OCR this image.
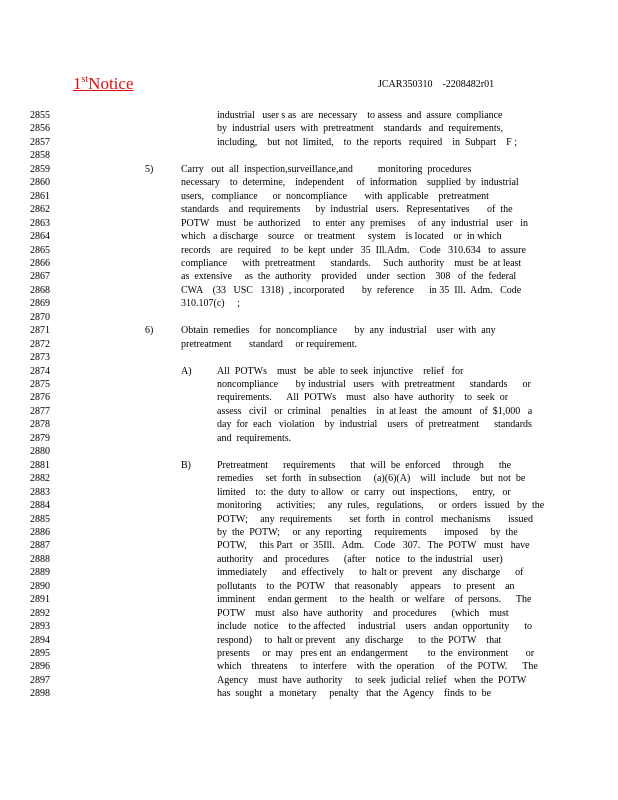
1stNotice	JCAR350310    -2208482r01
2855	industrial   user s as  are  necessary    to assess  and  assure  compliance
2856	by  industrial  users  with  pretreatment    standards   and  requirements,
2857	including,    but  not  limited,    to  the  reports   required    in  Subpart    F ;
2858
2859	5)	Carry   out  all  inspection,surveillance,and          monitoring  procedures
2860	necessary    to  determine,    independent     of  information    supplied  by  industrial
2861	users,   compliance      or  noncompliance       with  applicable    pretreatment
2862	standards    and  requirements      by  industrial   users.   Representatives       of  the
2863	POTW   must   be  authorized     to  enter  any  premises     of  any  industrial   user   in
2864	which   a discharge    source    or  treatment     system    is located    or  in which
2865	records    are  required    to  be  kept  under   35  Ill.Adm.    Code   310.634   to  assure
2866	compliance      with  pretreatment      standards.     Such  authority    must  be  at least
2867	as  extensive     as  the  authority    provided    under   section    308   of  the  federal
2868	CWA    (33   USC   1318)  , incorporated       by  reference      in 35  Ill.  Adm.   Code
2869	310.107(c)     ;
2870
2871	6)	Obtain  remedies    for  noncompliance       by  any  industrial    user  with  any
2872	pretreatment       standard     or requirement.
2873
2874	A)	All  POTWs    must   be  able  to seek  injunctive    relief   for
2875	noncompliance       by industrial   users   with  pretreatment      standards      or
2876	requirements.      All  POTWs    must   also  have  authority    to  seek  or
2877	assess   civil   or  criminal    penalties    in  at least   the  amount   of  $1,000   a
2878	day  for  each   violation    by  industrial    users   of  pretreatment      standards
2879	and  requirements.
2880
2881	B)	Pretreatment      requirements      that  will  be  enforced     through      the
2882	remedies     set  forth   in subsection     (a)(6)(A)    will  include    but  not  be
2883	limited    to:  the  duty  to allow   or  carry   out  inspections,      entry,   or
2884	monitoring      activities;     any  rules,   regulations,      or  orders   issued   by  the
2885	POTW;     any  requirements       set  forth   in  control   mechanisms       issued
2886	by  the  POTW;     or  any  reporting     requirements       imposed     by  the
2887	POTW,     this Part   or  35Ill.   Adm.    Code   307.   The  POTW   must   have
2888	authority    and   procedures      (after    notice   to  the industrial    user)
2889	immediately      and  effectively      to  halt or  prevent    any  discharge      of
2890	pollutants    to  the  POTW    that  reasonably     appears     to  present    an
2891	imminent     endan germent     to  the  health   or  welfare    of  persons.      The
2892	POTW    must   also  have  authority    and  procedures      (which    must
2893	include   notice    to the affected     industrial    users   andan  opportunity      to
2894	respond)     to  halt or prevent    any  discharge      to  the  POTW    that
2895	presents     or  may   pres ent  an  endangerment        to  the  environment       or
2896	which    threatens     to  interfere    with  the  operation     of  the  POTW.      The
2897	Agency    must  have  authority     to  seek  judicial  relief   when  the  POTW
2898	has  sought   a  monetary     penalty   that  the  Agency    finds  to  be
